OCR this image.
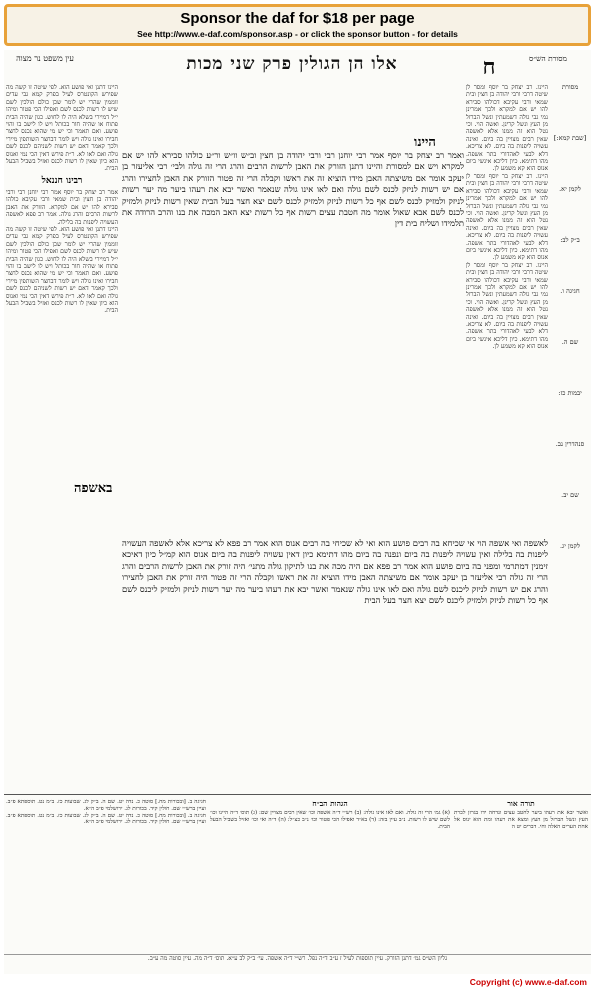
Sponsor the daf for $18 per page
See http://www.e-daf.com/sponsor.asp - or click the sponsor button - for details
עין משפט נר מצוה	אלו הן הגולין פרק שני מכות	ח	מסורת הש״ס

היינו דתנן ואי פושע הוא. לפי שיטה זו קשה מה שפירש הקונטרס לעיל בפרק קמא גבי עדים זוממין שהרי יש לומר שכן כולם הולכין לשם שיש לו רשות לכנס לשם ואפילו הכי פטור ומיהו י״ל דמיירי בשלא היה לו לחוש. כגון שהיה הבית פתוח או שהיה חור בכותל ויש לו לישב בו והוי פושע. ואם תאמר וכי יש מי שהוא נכנס לחצר חבירו ואינו גולה ויש לומר דבחצר השותפין מיירי ולכך קאמר דאם יש רשות לשניהם לכנס לשם גולה ואם לאו לא. ר״ת פירש דאין הכי נמי ואנוס הוא כיון שאין לו רשות לכנס ואזיל בשביל הבעל הבית.

רבינו חננאל

אמר רב יצחק בר יוסף אמר רבי יוחנן רבי ורבי יהודה בן חצין ובית שמאי ורבי עקיבא כולהו סבירא להו יש אם למקרא. הזורק את האבן לרשות הרבים והרג גולה. אמר רב פפא לאשפה העשויה ליפנות בה בלילה.

היינו דתנן ואי פושע הוא. לפי שיטה זו קשה מה שפירש הקונטרס לעיל בפרק קמא גבי עדים זוממין שהרי יש לומר שכן כולם הולכין לשם שיש לו רשות לכנס לשם ואפילו הכי פטור ומיהו י״ל דמיירי בשלא היה לו לחוש. כגון שהיה הבית פתוח או שהיה חור בכותל ויש לו לישב בו והוי פושע. ואם תאמר וכי יש מי שהוא נכנס לחצר חבירו ואינו גולה ויש לומר דבחצר השותפין מיירי ולכך קאמר דאם יש רשות לשניהם לכנס לשם גולה ואם לאו לא. ר״ת פירש דאין הכי נמי ואנוס הוא כיון שאין לו רשות לכנס ואזיל בשביל הבעל הבית.

היינו. רב יצחק בר יוסף ומסר לן שיטה דרבי ורבי יהודה בן חצין ובית שמאי ורבי עקיבא דכולהו סבירא להו יש אם למקרא ולכך אמרינן נמי גבי גולה דשמעתין ונשל הברזל מן העץ ונשל קרינן. ואשה הוי. וכי נטל הוא זה ממנו אלא לאשפה שאין רבים מצויין בה ביום. ואינה עשויה ליפנות בה ביום. לא צריכא. דלא לבעי לאהדורי בתר אשפה. מהו דתימא. כיון דליכא אינשי ביום אנוס הוא קא משמע לן.

היינו. רב יצחק בר יוסף ומסר לן שיטה דרבי ורבי יהודה בן חצין ובית שמאי ורבי עקיבא דכולהו סבירא להו יש אם למקרא ולכך אמרינן נמי גבי גולה דשמעתין ונשל הברזל מן העץ ונשל קרינן. ואשה הוי. וכי נטל הוא זה ממנו אלא לאשפה שאין רבים מצויין בה ביום. ואינה עשויה ליפנות בה ביום. לא צריכא. דלא לבעי לאהדורי בתר אשפה. מהו דתימא. כיון דליכא אינשי ביום אנוס הוא קא משמע לן.

היינו. רב יצחק בר יוסף ומסר לן שיטה דרבי ורבי יהודה בן חצין ובית שמאי ורבי עקיבא דכולהו סבירא להו יש אם למקרא ולכך אמרינן נמי גבי גולה דשמעתין ונשל הברזל מן העץ ונשל קרינן. ואשה הוי. וכי נטל הוא זה ממנו אלא לאשפה שאין רבים מצויין בה ביום. ואינה עשויה ליפנות בה ביום. לא צריכא. דלא לבעי לאהדורי בתר אשפה. מהו דתימא. כיון דליכא אינשי ביום אנוס הוא קא משמע לן.

מסורת
[שבת קמא:]
לקמן יא.
ב״ק לב:
חגיגה ו.
שם ה.
יבמות כז:
סנהדרין נב.
שם יב.
לקמן יג.

ואמר רב יצחק בר יוסף אמר רבי יוחנן רבי ורבי יהודה בן חצין וב״ש וו״ש ור״ע כולהו סבירא להו יש אם למקרא ויש אם למסורת והיינו דתנן הזורק את האבן לרשות הרבים והרג הרי זה גולה ולבי׳ רבי אליעזר בן יעקב אומר אם משיצתה האבן מידו הוציא זה את ראשו וקבלה הרי זה פטור הזורק את האבן לחצירו והרג אם יש רשות לניזק לכנס לשם גולה ואם לאו אינו גולה שנאמר ואשר יבא את רעהו ביער מה יער רשות לניזק ולמזיק לכנס לשם אף כל רשות לניזק ולמזיק לכנס לשם יצא חצר בעל הבית שאין רשות לניזק ולמזיק לכנס לשם אבא שאול אומר מה חטבת עצים רשות אף כל רשות יצא האב המכה את בנו והרב הרודה את תלמידו ושליח בית דין

היינו

לאשפה ואי אשפה הוי אי שכיחא בה רבים פושע הוא ואי לא שכיחי בה רבים אנוס הוא אמר רב פפא לא צריכא אלא לאשפה העשויה ליפנות בה בלילה ואין עשויה ליפנות בה ביום ונפנה בה ביום מהו דתימא כיון דאין עשויה ליפנות בה ביום אנוס הוא קמ״ל כיון דאיכא זימנין דמתרמי ומפני בה ביום פושע הוא אמר רב פפא אם היה מכה את בנו לתיקון גולה מתני׳ היה זורק את האבן לרשות הרבים והרג הרי זה גולה רבי אליעזר בן יעקב אומר אם משיצתה האבן מידו הוציא זה את ראשו וקבלה הרי זה פטור היה זורק את האבן לחצירו והרג אם יש רשות לניזק ליכנס לשם גולה ואם לאו אינו גולה שנאמר ואשר יבא את רעהו ביער מה יער רשות לניזק ולמזיק ליכנס לשם אף כל רשות לניזק ולמזיק ליכנס לשם יצא חצר בעל הבית

באשפה

חגיגה ב. [ובכורות מח.] סוטה כ. נדה יט. שם ה. ב״ק לג. שבועות כז. ב״מ נט. תוספתא פ״ב. ועיין ברש״י שם. חולין קיד. בכורות לג. ירושלמי פ״ב ה״א.

חגיגה ב. [ובכורות מח.] סוטה כ. נדה יט. שם ה. ב״ק לג. שבועות כז. ב״מ נט. תוספתא פ״ב. ועיין ברש״י שם. חולין קיד. בכורות לג. ירושלמי פ״ב ה״א.

הגהות הב״ח

(א) גמ׳ הרי זה גולה. ואם לאו אינו גולה: (ב) רש״י ד״ה אשפה וכו׳ שאין רבים מצויין שם: (ג) תוס׳ ד״ה היינו וכו׳ לשם שיש לו רשות. נ״ב עיין בזה: (ד) בא״ד ואפילו הכי פטור וכו׳ נ״ב כצ״ל: (ה) ד״ה ואי וכו׳ ואזיל בשביל הבעל הבית.

תורה אור

ואשר יבא את רעהו ביער לחטב עצים ונדחה ידו בגרזן לכרת העץ ונשל הברזל מן העץ ומצא את רעהו ומת הוא ינוס אל אחת הערים האלה וחי. דברים יט ה

גליון הש״ס גמ׳ דתנן הזורק. עיין תוספות לעיל ז ע״ב ד״ה נפל. רש״י ד״ה אשפה. עי׳ ב״ק לב ע״א. תוס׳ ד״ה מה. עיין סוטה מה ע״ב.
Copyright (c) www.e-daf.com
